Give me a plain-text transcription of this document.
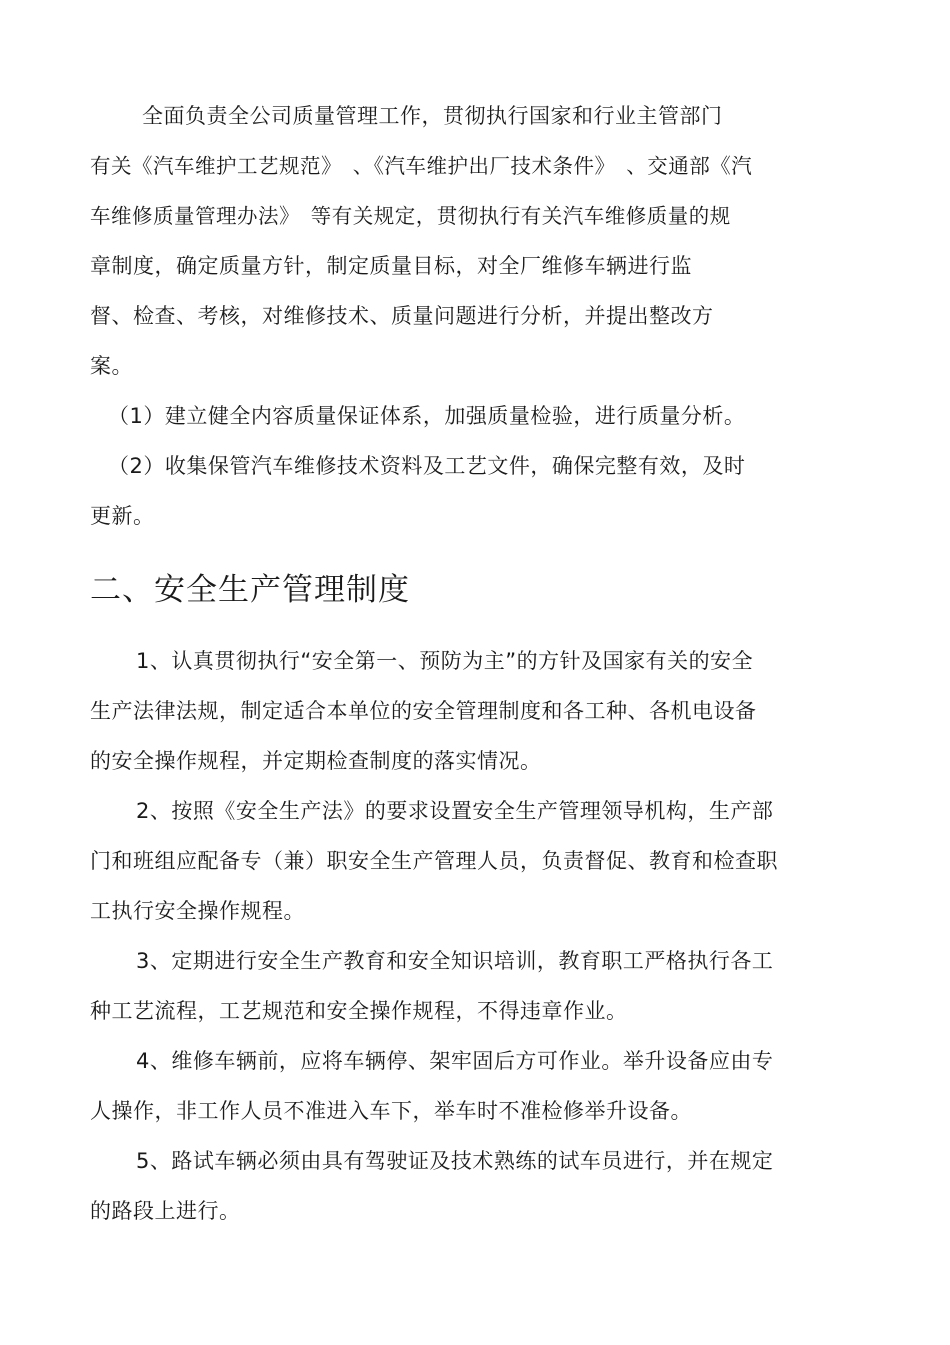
全面负责全公司质量管理工作，贯彻执行国家和行业主管部门
有关《汽车维护工艺规范》　、《汽车维护出厂技术条件》　、交通部《汽
车维修质量管理办法》　等有关规定，贯彻执行有关汽车维修质量的规
章制度，确定质量方针，制定质量目标，对全厂维修车辆进行监
督、检查、考核，对维修技术、质量问题进行分析，并提出整改方
案。
（1）建立健全内容质量保证体系，加强质量检验，进行质量分析。
（2）收集保管汽车维修技术资料及工艺文件，确保完整有效，及时
更新。
二、安全生产管理制度
1、认真贯彻执行“安全第一、预防为主”的方针及国家有关的安全
生产法律法规，制定适合本单位的安全管理制度和各工种、各机电设备
的安全操作规程，并定期检查制度的落实情况。
2、按照《安全生产法》的要求设置安全生产管理领导机构，生产部
门和班组应配备专（兼）职安全生产管理人员，负责督促、教育和检查职
工执行安全操作规程。
3、定期进行安全生产教育和安全知识培训，教育职工严格执行各工
种工艺流程，工艺规范和安全操作规程，不得违章作业。
4、维修车辆前，应将车辆停、架牢固后方可作业。举升设备应由专
人操作，非工作人员不准进入车下，举车时不准检修举升设备。
5、路试车辆必须由具有驾驶证及技术熟练的试车员进行，并在规定
的路段上进行。
